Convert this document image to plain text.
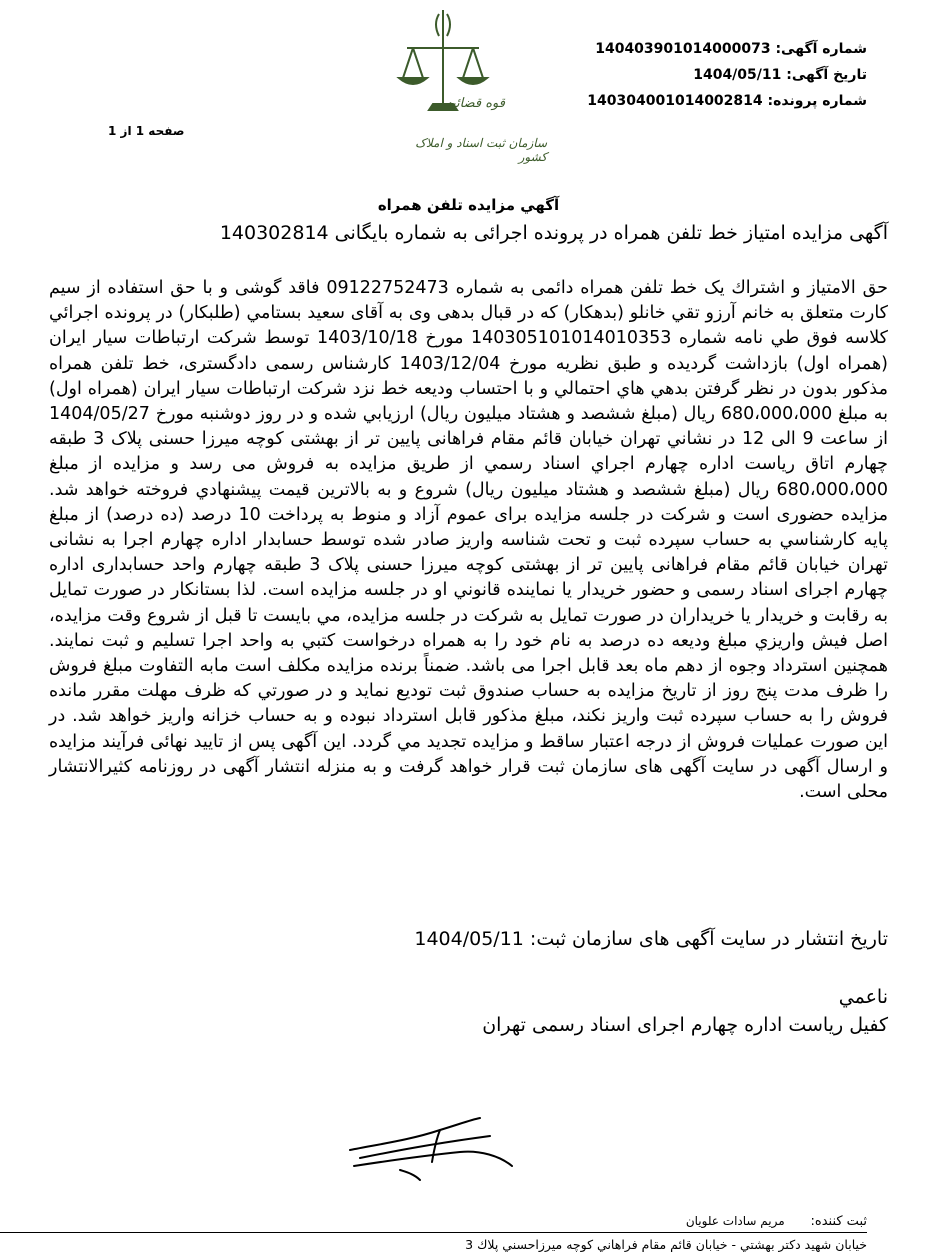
شماره آگهی: 140403901014000073
تاریخ آگهی: 1404/05/11
شماره پرونده: 140304001014002814
قوه قضائیه
سازمان ثبت اسناد و املاک کشور
صفحه 1 از 1
آگهي مزايده تلفن همراه
آگهی مزایده امتیاز خط تلفن همراه در پرونده اجرائی به شماره بایگانی 140302814
حق الامتياز و اشتراك يک خط تلفن همراه دائمی به شماره 09122752473 فاقد گوشی و با حق استفاده از سيم كارت متعلق به خانم آرزو تقي خانلو (بدهكار) كه در قبال بدهی وی به آقای سعيد بستامي (طلبكار) در پرونده اجرائي كلاسه فوق طي نامه شماره 140305101014010353 مورخ 1403/10/18 توسط شركت ارتباطات سيار ايران (همراه اول) بازداشت گرديده و طبق نظريه مورخ 1403/12/04 كارشناس رسمی دادگستری، خط تلفن همراه مذكور بدون در نظر گرفتن بدهي هاي احتمالي و با احتساب وديعه خط نزد شركت ارتباطات سيار ايران (همراه اول) به مبلغ 680،000،000 ريال (مبلغ ششصد و هشتاد ميليون ريال) ارزيابي شده و در روز دوشنبه مورخ 1404/05/27 از ساعت 9 الی 12 در نشاني تهران خيابان قائم مقام فراهانی پايين تر از بهشتی كوچه ميرزا حسنی پلاک 3 طبقه چهارم اتاق رياست اداره چهارم اجراي اسناد رسمي از طريق مزايده به فروش می رسد و مزايده از مبلغ 680،000،000 ريال (مبلغ ششصد و هشتاد ميليون ريال) شروع و به بالاترين قيمت پيشنهادي فروخته خواهد شد. مزايده حضوری است و شركت در جلسه مزايده برای عموم آزاد و منوط به پرداخت 10 درصد (ده درصد) از مبلغ پايه كارشناسي به حساب سپرده ثبت و تحت شناسه واريز صادر شده توسط حسابدار اداره چهارم اجرا به نشانی تهران خيابان قائم مقام فراهانی پايين تر از بهشتی كوچه ميرزا حسنی پلاک 3 طبقه چهارم واحد حسابداری اداره چهارم اجرای اسناد رسمی و حضور خريدار يا نماينده قانوني او در جلسه مزايده است. لذا بستانكار در صورت تمايل به رقابت و خريدار يا خريداران در صورت تمايل به شركت در جلسه مزايده، مي بايست تا قبل از شروع وقت مزايده، اصل فيش واريزي مبلغ وديعه ده درصد به نام خود را به همراه درخواست كتبي به واحد اجرا تسليم و ثبت نمايند. همچنین استرداد وجوه از دهم ماه بعد قابل اجرا می باشد. ضمناً برنده مزايده مكلف است مابه التفاوت مبلغ فروش را ظرف مدت پنج روز از تاريخ مزايده به حساب صندوق ثبت توديع نمايد و در صورتي كه ظرف مهلت مقرر مانده فروش را به حساب سپرده ثبت واريز نكند، مبلغ مذكور قابل استرداد نبوده و به حساب خزانه واريز خواهد شد. در اين صورت عمليات فروش از درجه اعتبار ساقط و مزايده تجديد مي گردد. این آگهی پس از تایید نهائی فرآیند مزایده و ارسال آگهی در سایت آگهی های سازمان ثبت قرار خواهد گرفت و به منزله انتشار آگهی در روزنامه کثیرالانتشار محلی است.
تاریخ انتشار در سایت آگهی های سازمان ثبت: 1404/05/11
ناعمي
کفیل ریاست اداره چهارم اجرای اسناد رسمی تهران
ثبت کننده: مريم سادات علويان
خيابان شهيد دكتر بهشتي - خيابان قائم مقام فراهاني كوچه ميرزاحسني پلاك 3
